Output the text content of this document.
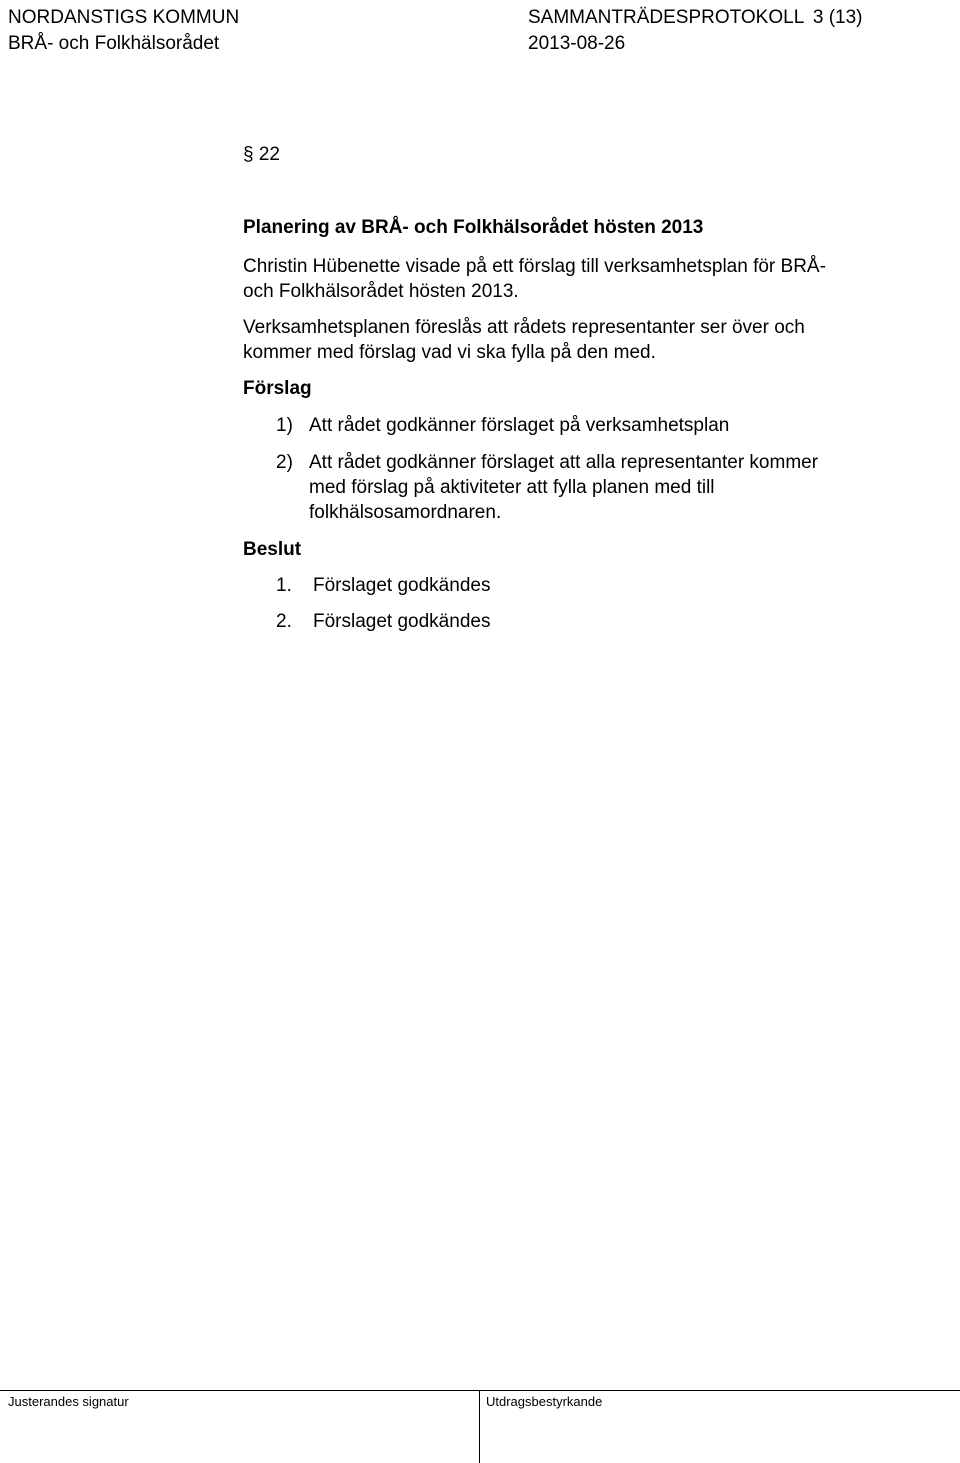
NORDANSTIGS KOMMUN
BRÅ- och Folkhälsorådet
SAMMANTRÄDESPROTOKOLL 3 (13)
2013-08-26
§ 22
Planering av BRÅ- och Folkhälsorådet hösten 2013
Christin Hübenette visade på ett förslag till verksamhetsplan för BRÅ-
och Folkhälsorådet hösten 2013.
Verksamhetsplanen föreslås att rådets representanter ser över och
kommer med förslag vad vi ska fylla på den med.
Förslag
1) Att rådet godkänner förslaget på verksamhetsplan
2) Att rådet godkänner förslaget att alla representanter kommer
med förslag på aktiviteter att fylla planen med till
folkhälsosamordnaren.
Beslut
1. Förslaget godkändes
2. Förslaget godkändes
Justerandes signatur	Utdragsbestyrkande
